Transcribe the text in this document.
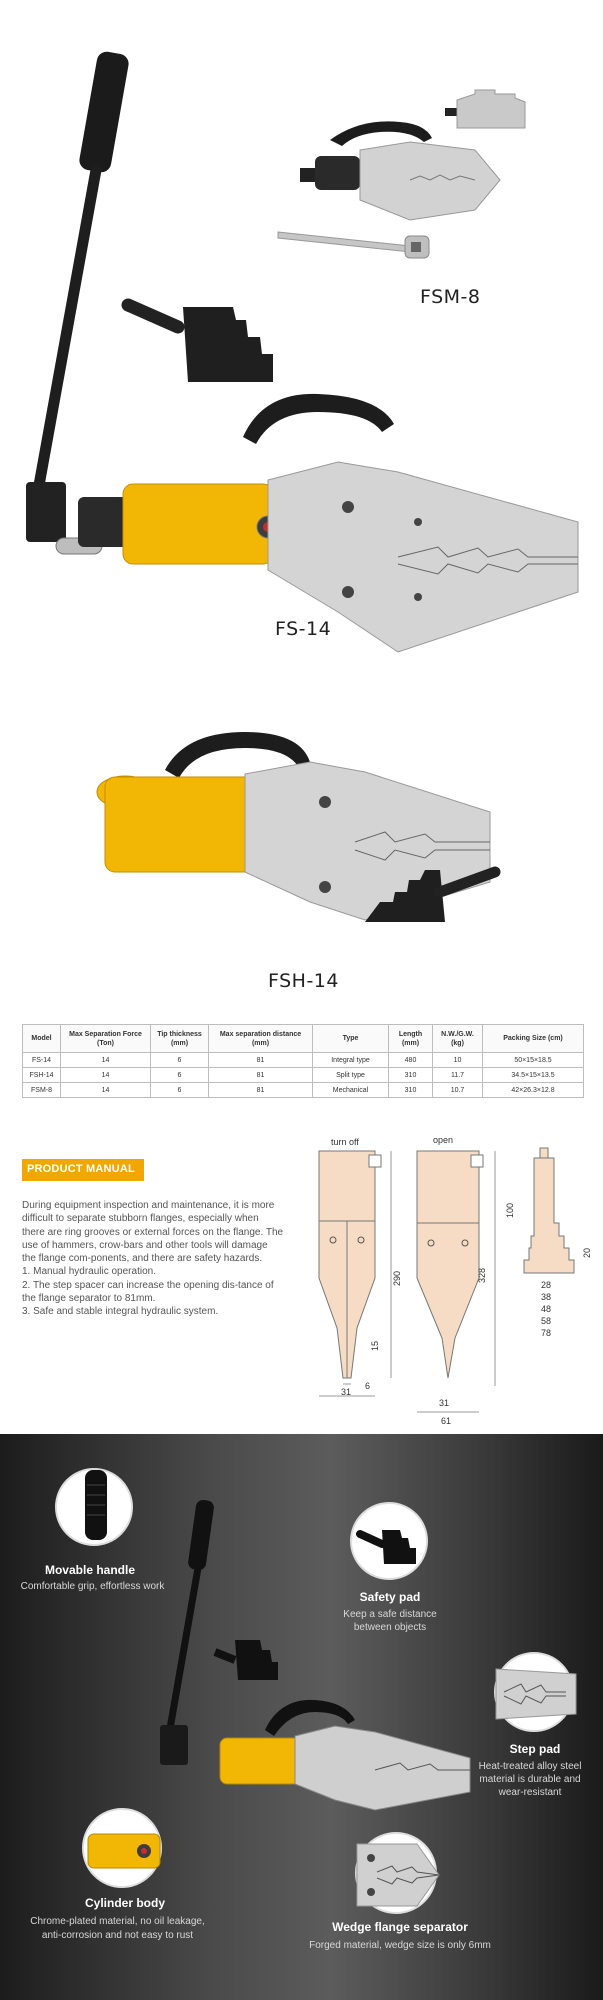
FSM-8
FS-14
FSH-14
Model	Max Separation Force (Ton)	Tip thickness (mm)	Max separation distance (mm)	Type	Length (mm)	N.W./G.W. (kg)	Packing Size (cm)
FS-14	14	6	81	Integral type	480	10	50×15×18.5
FSH-14	14	6	81	Split type	310	11.7	34.5×15×13.5
FSM-8	14	6	81	Mechanical	310	10.7	42×26.3×12.8
PRODUCT MANUAL

During equipment inspection and maintenance, it is more difficult to separate stubborn flanges, especially when there are ring grooves or external forces on the flange. The use of hammers, crow-bars and other tools will damage the flange com-ponents, and there are safety hazards.

1. Manual hydraulic operation.

2. The step spacer can increase the opening dis-tance of the flange separator to 81mm.

3. Safe and stable integral hydraulic system.

turn off
290
15
6
open
328
100
20
28
38
48
58
78
31
31
61
Movable handle
Comfortable grip, effortless work
Safety pad
Keep a safe distance
between objects
Step pad
Heat-treated alloy steel
material is durable and
wear-resistant
Cylinder body
Chrome-plated material, no oil leakage,
anti-corrosion and not easy to rust
Wedge flange separator
Forged material, wedge size is only 6mm
